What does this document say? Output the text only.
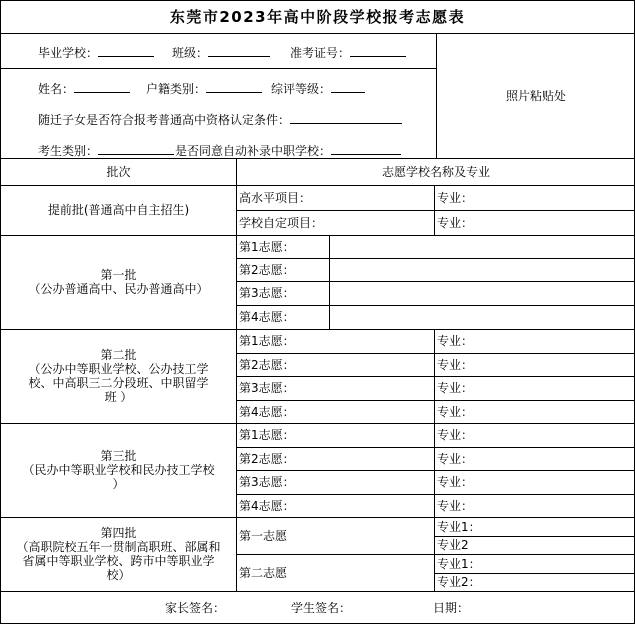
东莞市2023年高中阶段学校报考志愿表
毕业学校：	班级：	准考证号：
姓名：	户籍类别：	综评等级：
随迁子女是否符合报考普通高中资格认定条件：
考生类别：	是否同意自动补录中职学校：
照片粘贴处
批次	志愿学校名称及专业
提前批(普通高中自主招生)
高水平项目：	专业：
学校自定项目：	专业：
第一批
（公办普通高中、民办普通高中）
第1志愿：
第2志愿：
第3志愿：
第4志愿：
第二批
（公办中等职业学校、公办技工学校、中高职三二分段班、中职留学班 ）
第1志愿：	专业：
第2志愿：	专业：
第3志愿：	专业：
第4志愿：	专业：
第三批
（民办中等职业学校和民办技工学校 ）
第1志愿：	专业：
第2志愿：	专业：
第3志愿：	专业：
第4志愿：	专业：
第四批
（高职院校五年一贯制高职班、部属和省属中等职业学校、跨市中等职业学校）
第一志愿
专业1：
专业2
第二志愿
专业1：
专业2：
家长签名：	学生签名：	日期：
